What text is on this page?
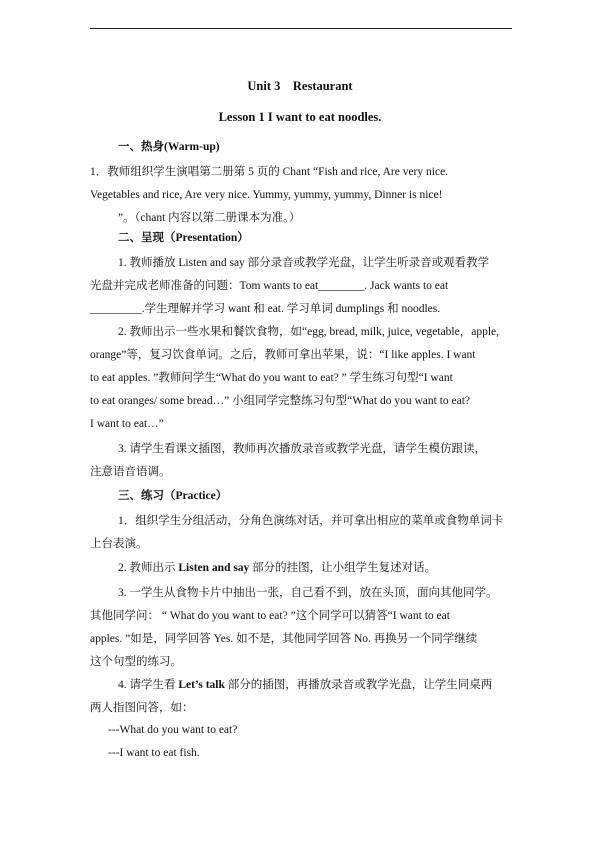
Unit 3    Restaurant
Lesson 1 I want to eat noodles.
一、热身(Warm-up)
1．教师组织学生演唱第二册第 5 页的 Chant “Fish and rice, Are very nice.
Vegetables and rice, Are very nice. Yummy, yummy, yummy, Dinner is nice!
”。（chant 内容以第二册课本为准。）
二、呈现（Presentation）
1. 教师播放 Listen and say 部分录音或教学光盘，让学生听录音或观看教学
光盘并完成老师准备的问题：Tom wants to eat________. Jack wants to eat
_________.学生理解并学习 want 和 eat. 学习单词 dumplings 和 noodles.
2. 教师出示一些水果和餐饮食物，如“egg, bread, milk, juice, vegetable，apple,
orange”等，复习饮食单词。之后，教师可拿出苹果，说：“I like apples. I want
to eat apples. ”教师问学生“What do you want to eat? ” 学生练习句型“I want
to eat oranges/ some bread…” 小组同学完整练习句型“What do you want to eat?
I want to eat…”
3. 请学生看课文插图，教师再次播放录音或教学光盘，请学生模仿跟读，
注意语音语调。
三、练习（Practice）
1．组织学生分组活动，分角色演练对话，并可拿出相应的菜单或食物单词卡
上台表演。
2. 教师出示 Listen and say 部分的挂图，让小组学生复述对话。
3. 一学生从食物卡片中抽出一张，自己看不到，放在头顶，面向其他同学。
其他同学问： “ What do you want to eat? ”这个同学可以猜答“I want to eat
apples. ”如是，同学回答 Yes. 如不是，其他同学回答 No. 再换另一个同学继续
这个句型的练习。
4. 请学生看 Let’s talk 部分的插图，再播放录音或教学光盘，让学生同桌两
两人指图问答，如：
---What do you want to eat?
---I want to eat fish.
